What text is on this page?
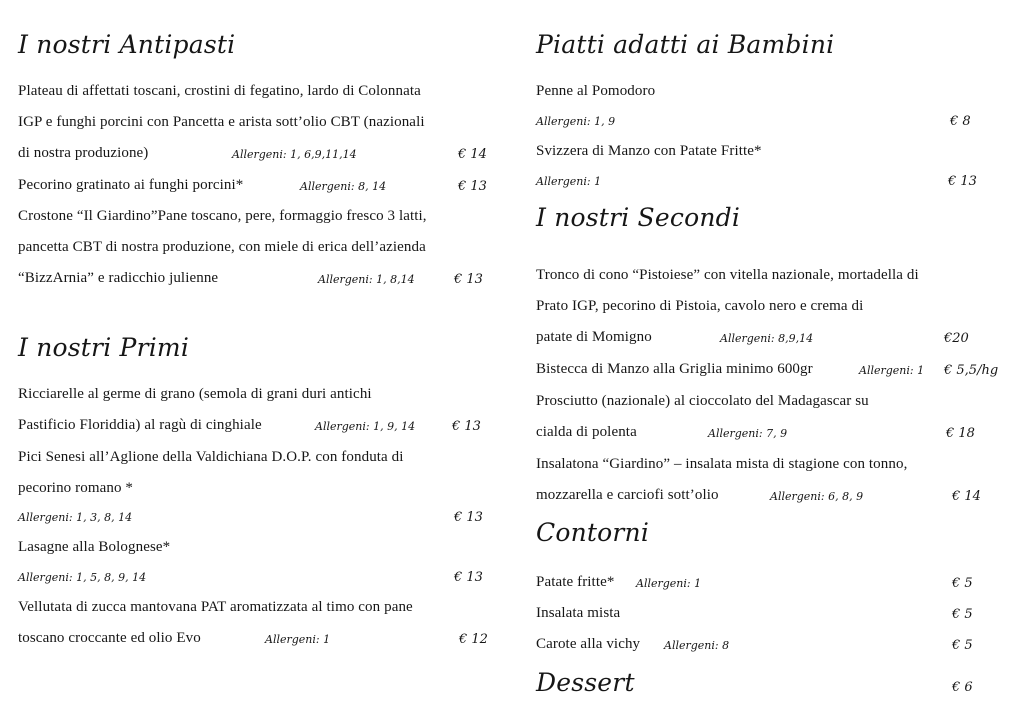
I nostri Antipasti
Plateau di affettati toscani, crostini di fegatino, lardo di Colonnata
IGP e funghi porcini con Pancetta e arista sott’olio CBT (nazionali
di nostra produzione)	Allergeni: 1, 6,9,11,14	€ 14
Pecorino gratinato ai funghi porcini*	Allergeni: 8, 14	€ 13
Crostone “Il Giardino”Pane toscano, pere, formaggio fresco 3 latti,
pancetta CBT di nostra produzione, con miele di erica dell’azienda
“BizzArnia” e radicchio julienne	Allergeni: 1, 8,14	€ 13
I nostri Primi
Ricciarelle al germe di grano (semola di grani duri antichi
Pastificio Floriddia) al ragù di cinghiale	Allergeni: 1, 9, 14	€ 13
Pici Senesi all’Aglione della Valdichiana D.O.P. con fonduta di
pecorino romano *
Allergeni: 1, 3, 8, 14	€ 13
Lasagne alla Bolognese*
Allergeni: 1, 5, 8, 9, 14	€ 13
Vellutata di zucca mantovana PAT aromatizzata al timo con pane
toscano croccante ed olio Evo	Allergeni: 1	€ 12
Piatti adatti ai Bambini
Penne al Pomodoro
Allergeni: 1, 9	€ 8
Svizzera di Manzo con Patate Fritte*
Allergeni: 1	€ 13
I nostri Secondi
Tronco di cono “Pistoiese” con vitella nazionale, mortadella di
Prato IGP, pecorino di Pistoia, cavolo nero e crema di
patate di Momigno	Allergeni: 8,9,14	€20
Bistecca di Manzo alla Griglia minimo 600gr	Allergeni: 1 € 5,5/hg
Prosciutto (nazionale) al cioccolato del Madagascar su
cialda di polenta	Allergeni: 7, 9	€ 18
Insalatona “Giardino” – insalata mista di stagione con tonno,
mozzarella e carciofi sott’olio	Allergeni: 6, 8, 9	€ 14
Contorni
Patate fritte* Allergeni: 1	€ 5
Insalata mista	€ 5
Carote alla vichy Allergeni: 8	€ 5
Dessert	€ 6
